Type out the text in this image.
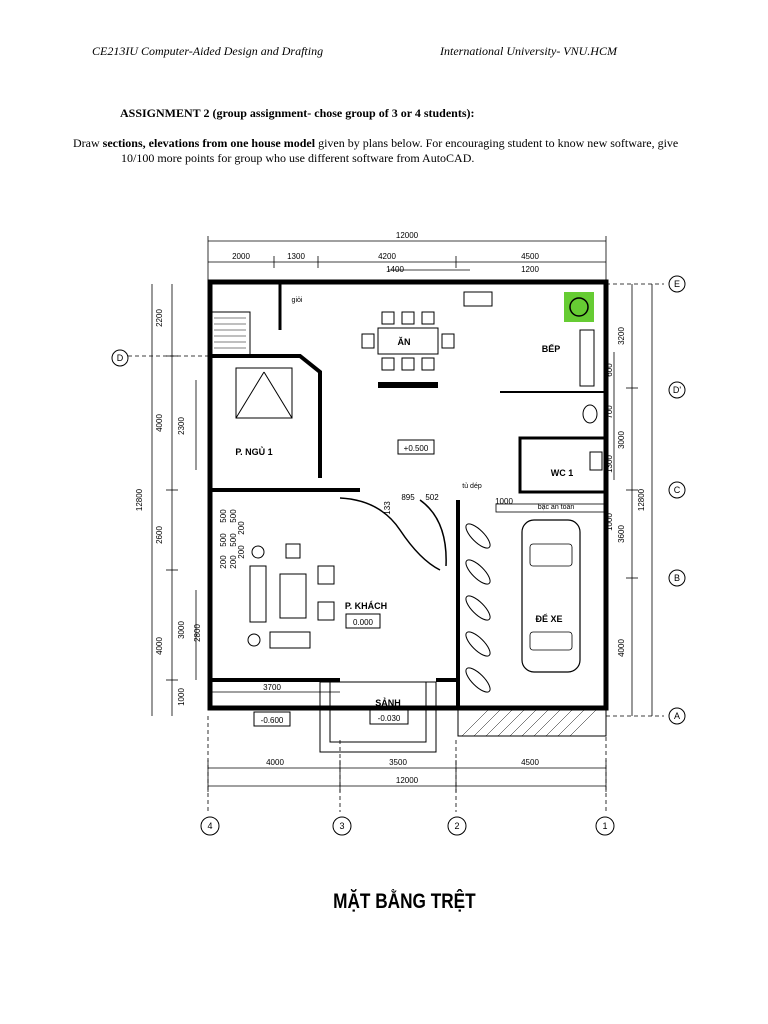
CE213IU Computer-Aided Design and Drafting	International University- VNU.HCM
ASSIGNMENT 2 (group assignment- chose group of 3 or 4 students):
Draw sections, elevations from one house model given by plans below. For encouraging student to know new software, give
10/100 more points for group who use different software from AutoCAD.
4	3	2	1
E
D'
C
B
A
D
ĂN
BẾP
P. NGỦ 1
WC 1
P. KHÁCH
ĐỂ XE
SẢNH
giỏi
tủ dép
bậc an toàn
+0.500
0.000
-0.030
-0.600
12000
2000	1300	4200	4500
1400	1200
4000	3500	4500
12000
3700
895 502	1000
133
2200
4000
2600
4000
1000
2300
3000 2800
12800
500
500
500
500
200 200
200
200
3200
3000
3600
4000
600
700
1300
1000
12800
MẶT BẰNG TRỆT
